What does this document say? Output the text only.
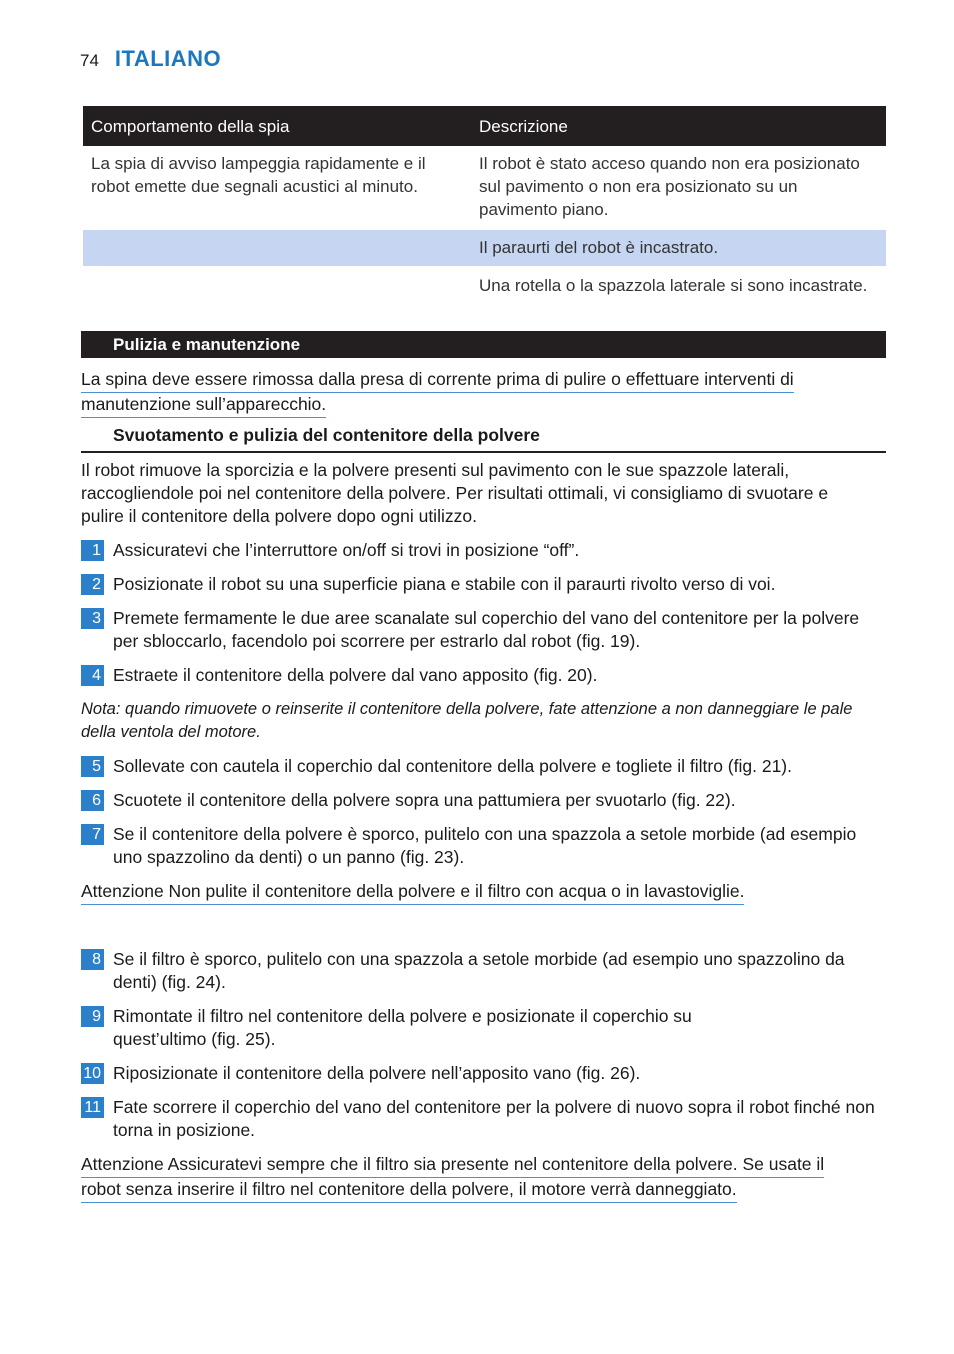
74 ITALIANO
Comportamento della spia	Descrizione
La spia di avviso lampeggia rapidamente e il robot emette due segnali acustici al minuto.	Il robot è stato acceso quando non era posizionato sul pavimento o non era posizionato su un pavimento piano.
	Il paraurti del robot è incastrato.
	Una rotella o la spazzola laterale si sono incastrate.
Pulizia e manutenzione
La spina deve essere rimossa dalla presa di corrente prima di pulire o effettuare interventi di
manutenzione sull’apparecchio.
Svuotamento e pulizia del contenitore della polvere

Il robot rimuove la sporcizia e la polvere presenti sul pavimento con le sue spazzole laterali, raccogliendole poi nel contenitore della polvere. Per risultati ottimali, vi consigliamo di svuotare e pulire il contenitore della polvere dopo ogni utilizzo.

1 Assicuratevi che l’interruttore on/off si trovi in posizione “off”.
2 Posizionate il robot su una superficie piana e stabile con il paraurti rivolto verso di voi.
3 Premete fermamente le due aree scanalate sul coperchio del vano del contenitore per la polvere per sbloccarlo, facendolo poi scorrere per estrarlo dal robot (fig. 19).
4 Estraete il contenitore della polvere dal vano apposito (fig. 20).

Nota: quando rimuovete o reinserite il contenitore della polvere, fate attenzione a non danneggiare le pale della ventola del motore.

5 Sollevate con cautela il coperchio dal contenitore della polvere e togliete il filtro (fig. 21).
6 Scuotete il contenitore della polvere sopra una pattumiera per svuotarlo (fig. 22).
7 Se il contenitore della polvere è sporco, pulitelo con una spazzola a setole morbide (ad esempio uno spazzolino da denti) o un panno (fig. 23).
Attenzione Non pulite il contenitore della polvere e il filtro con acqua o in lavastoviglie.
8 Se il filtro è sporco, pulitelo con una spazzola a setole morbide (ad esempio uno spazzolino da denti) (fig. 24).
9 Rimontate il filtro nel contenitore della polvere e posizionate il coperchio su quest’ultimo (fig. 25).
10 Riposizionate il contenitore della polvere nell’apposito vano (fig. 26).
11 Fate scorrere il coperchio del vano del contenitore per la polvere di nuovo sopra il robot finché non torna in posizione.
Attenzione Assicuratevi sempre che il filtro sia presente nel contenitore della polvere. Se usate il
robot senza inserire il filtro nel contenitore della polvere, il motore verrà danneggiato.
